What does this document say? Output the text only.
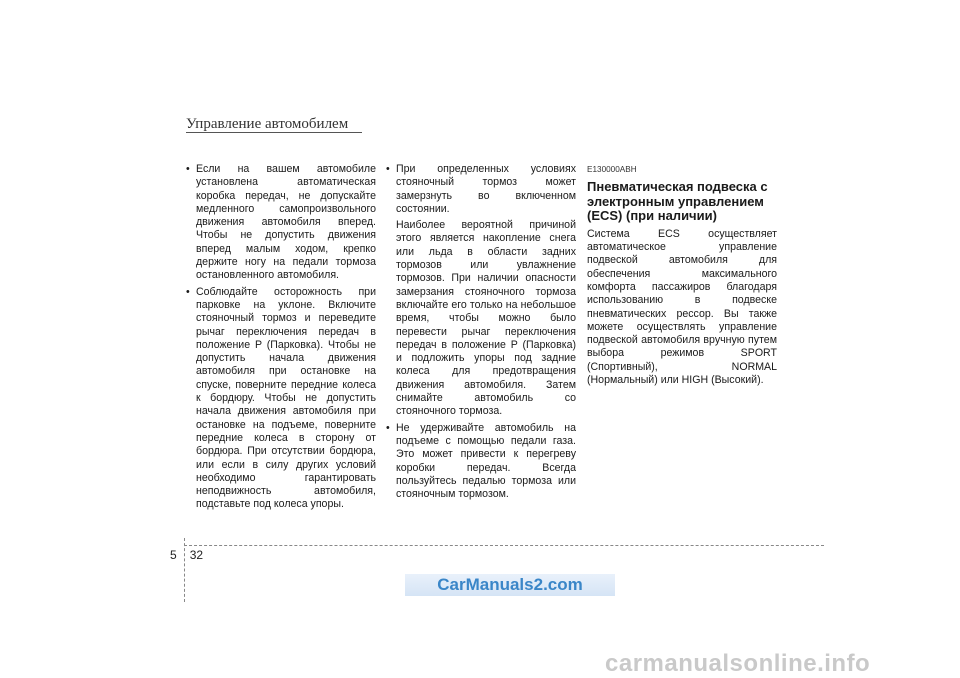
Управление автомобилем
• Если на вашем автомобиле установлена автоматическая коробка передач, не допускайте медленного самопроизвольного движения автомобиля вперед. Чтобы не допустить движения вперед малым ходом, крепко держите ногу на педали тормоза остановленного автомобиля.
• Соблюдайте осторожность при парковке на уклоне. Включите стояночный тормоз и переведите рычаг переключения передач в положение P (Парковка). Чтобы не допустить начала движения автомобиля при остановке на спуске, поверните передние колеса к бордюру. Чтобы не допустить начала движения автомобиля при остановке на подъеме, поверните передние колеса в сторону от бордюра. При отсутствии бордюра, или если в силу других условий необходимо гарантировать неподвижность автомобиля, подставьте под колеса упоры.
• При определенных условиях стояночный тормоз может замерзнуть во включенном состоянии.
Наиболее вероятной причиной этого является накопление снега или льда в области задних тормозов или увлажнение тормозов. При наличии опасности замерзания стояночного тормоза включайте его только на небольшое время, чтобы можно было перевести рычаг переключения передач в положение P (Парковка) и подложить упоры под задние колеса для предотвращения движения автомобиля. Затем снимайте автомобиль со стояночного тормоза.
• Не удерживайте автомобиль на подъеме с помощью педали газа. Это может привести к перегреву коробки передач. Всегда пользуйтесь педалью тормоза или стояночным тормозом.
E130000ABH
Пневматическая подвеска с электронным управлением (ECS) (при наличии)
Система ECS осуществляет автоматическое управление подвеской автомобиля для обеспечения максимального комфорта пассажиров благодаря использованию в подвеске пневматических рессор. Вы также можете осуществлять управление подвеской автомобиля вручную путем выбора режимов SPORT (Спортивный), NORMAL (Нормальный) или HIGH (Высокий).
5 32
CarManuals2.com
carmanualsonline.info
